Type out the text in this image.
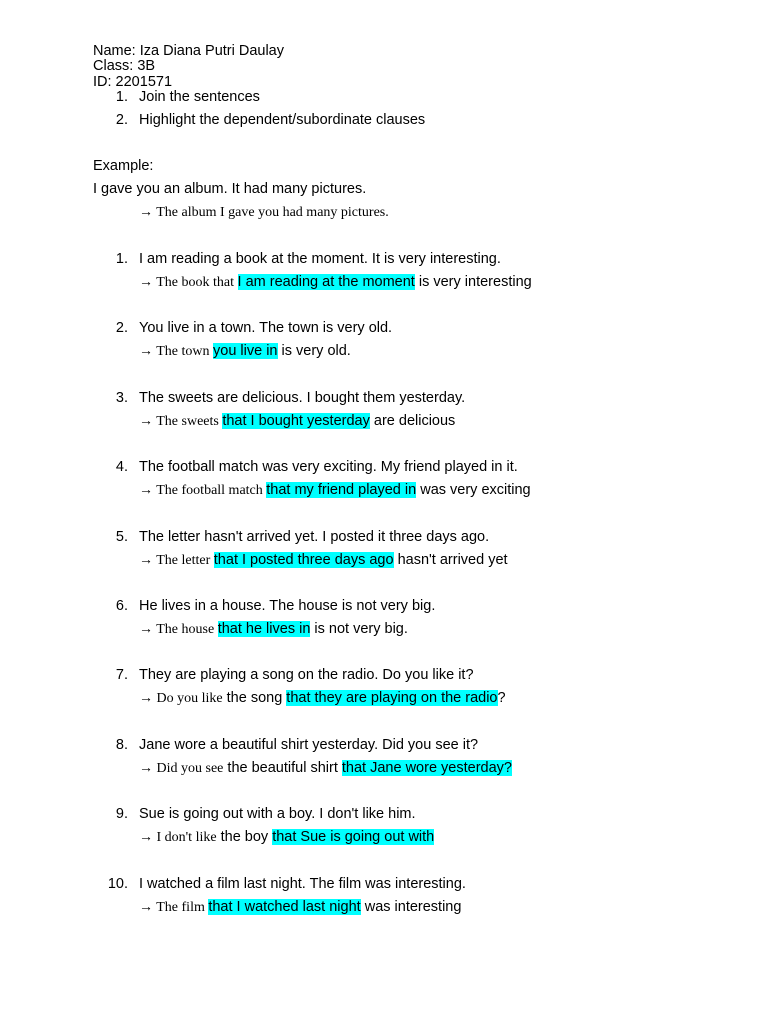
Name: Iza Diana Putri Daulay
Class: 3B
ID: 2201571
1. Join the sentences
2. Highlight the dependent/subordinate clauses
Example:
I gave you an album. It had many pictures.
→ The album I gave you had many pictures.
1. I am reading a book at the moment. It is very interesting.
→ The book that I am reading at the moment is very interesting
2. You live in a town. The town is very old.
→ The town you live in is very old.
3. The sweets are delicious. I bought them yesterday.
→ The sweets that I bought yesterday are delicious
4. The football match was very exciting. My friend played in it.
→ The football match that my friend played in was very exciting
5. The letter hasn't arrived yet. I posted it three days ago.
→ The letter that I posted three days ago hasn't arrived yet
6. He lives in a house. The house is not very big.
→ The house that he lives in is not very big.
7. They are playing a song on the radio. Do you like it?
→ Do you like the song that they are playing on the radio?
8. Jane wore a beautiful shirt yesterday. Did you see it?
→ Did you see the beautiful shirt that Jane wore yesterday?
9. Sue is going out with a boy. I don't like him.
→ I don't like the boy that Sue is going out with
10. I watched a film last night. The film was interesting.
→ The film that I watched last night was interesting
